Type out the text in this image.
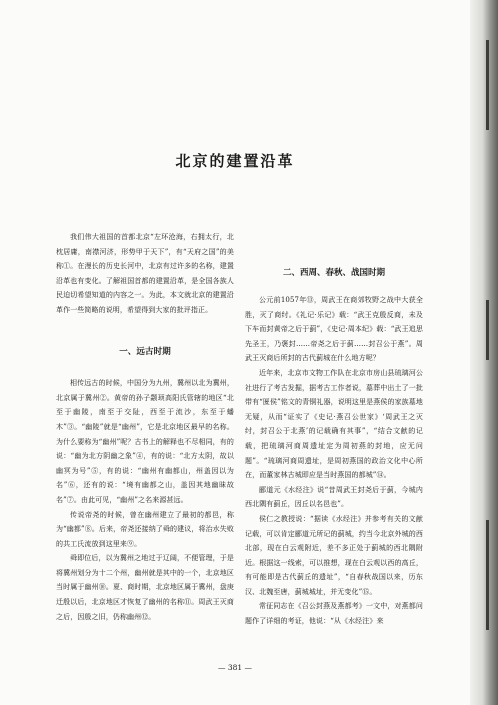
北京的建置沿革

我们伟大祖国的首都北京“左环沧海，右拥太行，北枕居庸，南襟河济，形势甲于天下”，有“天府之国”的美称①。在漫长的历史长河中，北京有过许多的名称，建置沿革也有变化。了解祖国首都的建置沿革，是全国各族人民迫切希望知道的内容之一。为此，本文就北京的建置沿革作一些简略的说明，希望得到大家的批评指正。

一、远古时期

相传远古的时候，中国分为九州，冀州以北为冀州，北京属于冀州②。黄帝的孙子颛顼高阳氏管辖的地区“北至于幽陵，南至于交阯，西至于流沙，东至于蟠木”③。“幽陵”就是“幽州”，它是北京地区最早的名称。为什么要称为“幽州”呢？古书上的解释也不尽相同，有的说：“幽为北方阴幽之象”④，有的说：“北方太阴，故以幽冥为号”⑤，有的说：“幽州有幽都山，州盖因以为名”⑥，还有的说：“境有幽都之山，盖因其地幽昧故名”⑦。由此可见，“幽州”之名来源甚远。

传说帝尧的时候，曾在幽州建立了最初的都邑，称为“幽都”⑧。后来，帝尧还接纳了舜的建议，将治水失败的共工氏流放到这里来⑨。

舜即位后，以为冀州之地过于辽阔，不便管理，于是将冀州划分为十二个州，幽州就是其中的一个，北京地区当时属于幽州⑩。夏、商时期，北京地区属于冀州，盘庚迁殷以后，北京地区才恢复了幽州的名称⑪。周武王灭商之后，因殷之旧，仍称幽州⑫。

二、西周、春秋、战国时期

公元前1057年⑬，周武王在商郊牧野之战中大获全胜，灭了商纣。《礼记·乐记》载：“武王克殷反商，未及下车而封黄帝之后于蓟”，《史记·周本纪》载：“武王追思先圣王，乃褒封……帝尧之后于蓟……封召公于燕”。周武王灭商后所封的古代蓟城在什么地方呢？

近年来，北京市文物工作队在北京市房山县琉璃河公社进行了考古发掘，据考古工作者说，墓葬中出土了一批带有“匽侯”铭文的青铜礼器，说明这里是燕侯的家族墓地无疑，从而“证实了《史记·燕召公世家》‘周武王之灭纣，封召公于北燕’的记载确有其事”，“结合文献的记载，把琉璃河商周遗址定为周初燕的封地，应无问题”。“琉璃河商周遗址，是周初燕国的政治文化中心所在，而董家林古城即应是当时燕国的都城”⑭。

郦道元《水经注》说“昔周武王封尧后于蓟，今城内西北隅有蓟丘，因丘以名邑也”。

侯仁之教授说：“据读《水经注》并参考有关的文献记载，可以肯定郦道元所记的蓟城，约当今北京外城的西北部，现在白云观附近，差不多正处于蓟城的西北隅附近。根据这一线索，可以推想，现在白云观以西的高丘，有可能即是古代蓟丘的遗址”，“自春秋战国以来，历东汉、北魏至唐，蓟城城址，并无变化”⑮。

常征同志在《召公封燕及燕都考》一文中，对燕都问题作了详细的考证，他说：“从《水经注》来

— 381 —
